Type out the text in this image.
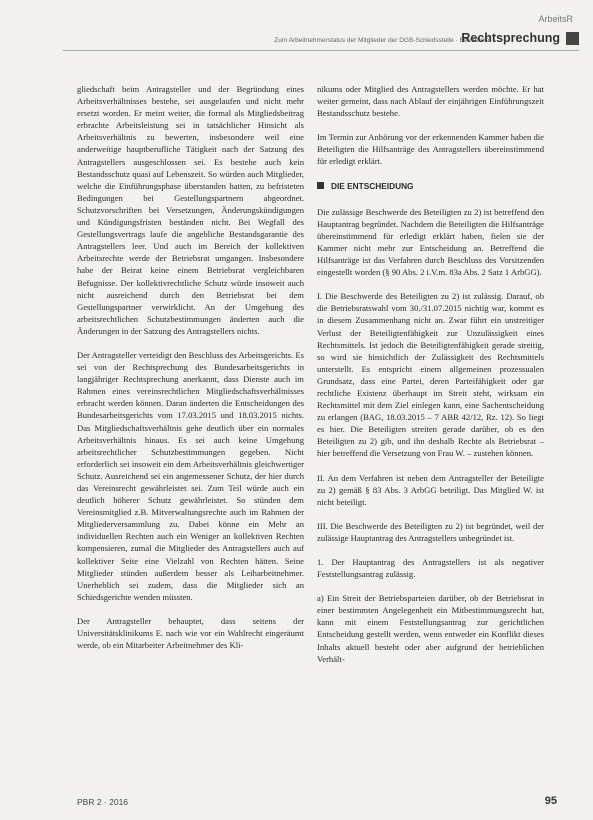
ArbeitsR
Zum Arbeitnehmerstatus der Mitglieder der DGB-Schiedsstelle · Betriebsrat
Rechtsprechung

gliedschaft beim Antragsteller und der Begründung eines Arbeitsverhältnisses bestehe, sei ausgelaufen und nicht mehr ersetzt worden. Er meint weiter, die formal als Mitgliedsbeitrag erbrachte Arbeitsleistung sei in tatsächlicher Hinsicht als Arbeitsverhältnis zu bewerten, insbesondere weil eine anderweitige hauptberufliche Tätigkeit nach der Satzung des Antragstellers ausgeschlossen sei. Es bestehe auch kein Bestandsschutz quasi auf Lebenszeit. So würden auch Mitglieder, welche die Einführungsphase überstanden hatten, zu befristeten Bedingungen bei Gestellungspartnern abgeordnet. Schutzvorschriften bei Versetzungen, Änderungskündigungen und Kündigungsfristen beständen nicht. Bei Wegfall des Gestellungsvertrags laufe die angebliche Bestandsgarantie des Antragstellers leer. Und auch im Bereich der kollektiven Arbeitsrechte werde der Betriebsrat umgangen. Insbesondere habe der Beirat keine einem Betriebsrat vergleichbaren Befugnisse. Der kollektivrechtliche Schutz würde insoweit auch nicht ausreichend durch den Betriebsrat bei dem Gestellungspartner verwirklicht. An der Umgehung des arbeitsrechtlichen Schutzbestimmungen änderten auch die Änderungen in der Satzung des Antragstellers nichts.

Der Antragsteller verteidigt den Beschluss des Arbeitsgerichts. Es sei von der Rechtsprechung des Bundesarbeitsgerichts in langjähriger Rechtsprechung anerkannt, dass Dienste auch im Rahmen eines vereinsrechtlichen Mitgliedschaftsverhältnisses erbracht werden können. Daran änderten die Entscheidungen des Bundesarbeitsgerichts vom 17.03.2015 und 18.03.2015 nichts. Das Mitgliedschaftsverhältnis gehe deutlich über ein normales Arbeitsverhältnis hinaus. Es sei auch keine Umgehung arbeitsrechtlicher Schutzbestimmungen gegeben. Nicht erforderlich sei insoweit ein dem Arbeitsverhältnis gleichwertiger Schutz. Ausreichend sei ein angemessener Schutz, der hier durch das Vereinsrecht gewährleistet sei. Zum Teil würde auch ein deutlich höherer Schutz gewährleistet. So stünden dem Vereinsmitglied z.B. Mitverwaltungsrechte auch im Rahmen der Mitgliederversammlung zu. Dabei könne ein Mehr an individuellen Rechten auch ein Weniger an kollektiven Rechten kompensieren, zumal die Mitglieder des Antragstellers auch auf kollektiver Seite eine Vielzahl von Rechten hätten. Seine Mitglieder stünden außerdem besser als Leiharbeitnehmer. Unerheblich sei zudem, dass die Mitglieder sich an Schiedsgerichte wenden müssten.

Der Antragsteller behauptet, dass seitens der Universitätsklinikums E. nach wie vor ein Wahlrecht eingeräumt werde, ob ein Mitarbeiter Arbeitnehmer des Kli-

nikums oder Mitglied des Antragstellers werden möchte. Er hat weiter gemeint, dass nach Ablauf der einjährigen Einführungszeit Bestandsschutz bestehe.

Im Termin zur Anhörung vor der erkennenden Kammer haben die Beteiligten die Hilfsanträge des Antragstellers übereinstimmend für erledigt erklärt.

DIE ENTSCHEIDUNG

Die zulässige Beschwerde des Beteiligten zu 2) ist betreffend den Hauptantrag begründet. Nachdem die Beteiligten die Hilfsanträge übereinstimmend für erledigt erklärt haben, fielen sie der Kammer nicht mehr zur Entscheidung an. Betreffend die Hilfsanträge ist das Verfahren durch Beschluss des Vorsitzenden eingestellt worden (§ 90 Abs. 2 i.V.m. 83a Abs. 2 Satz 1 ArbGG).

I. Die Beschwerde des Beteiligten zu 2) ist zulässig. Darauf, ob die Betriebsratswahl vom 30./31.07.2015 nichtig war, kommt es in diesem Zusammenhang nicht an. Zwar führt ein unstreitiger Verlust der Beteiligtenfähigkeit zur Unzulässigkeit eines Rechtsmittels. Ist jedoch die Beteiligtenfähigkeit gerade streitig, so wird sie hinsichtlich der Zulässigkeit des Rechtsmittels unterstellt. Es entspricht einem allgemeinen prozessualen Grundsatz, dass eine Partei, deren Parteifähigkeit oder gar rechtliche Existenz überhaupt im Streit steht, wirksam ein Rechtsmittel mit dem Ziel einlegen kann, eine Sachentscheidung zu erlangen (BAG, 18.03.2015 – 7 ABR 42/12, Rz. 12). So liegt es hier. Die Beteiligten streiten gerade darüber, ob es den Beteiligten zu 2) gib, und ihn deshalb Rechte als Betriebsrat – hier betreffend die Versetzung von Frau W. – zustehen können.

II. An dem Verfahren ist neben dem Antragsteller der Beteiligte zu 2) gemäß § 83 Abs. 3 ArbGG beteiligt. Das Mitglied W. ist nicht beteiligt.

III. Die Beschwerde des Beteiligten zu 2) ist begründet, weil der zulässige Hauptantrag des Antragstellers unbegründet ist.

1. Der Hauptantrag des Antragstellers ist als negativer Feststellungsantrag zulässig.

a) Ein Streit der Betriebsparteien darüber, ob der Betriebsrat in einer bestimmten Angelegenheit ein Mitbestimmungsrecht hat, kann mit einem Feststellungsantrag zur gerichtlichen Entscheidung gestellt werden, wenn entweder ein Konflikt dieses Inhalts aktuell besteht oder aber aufgrund der betrieblichen Verhält-

PBR 2 · 2016	95
